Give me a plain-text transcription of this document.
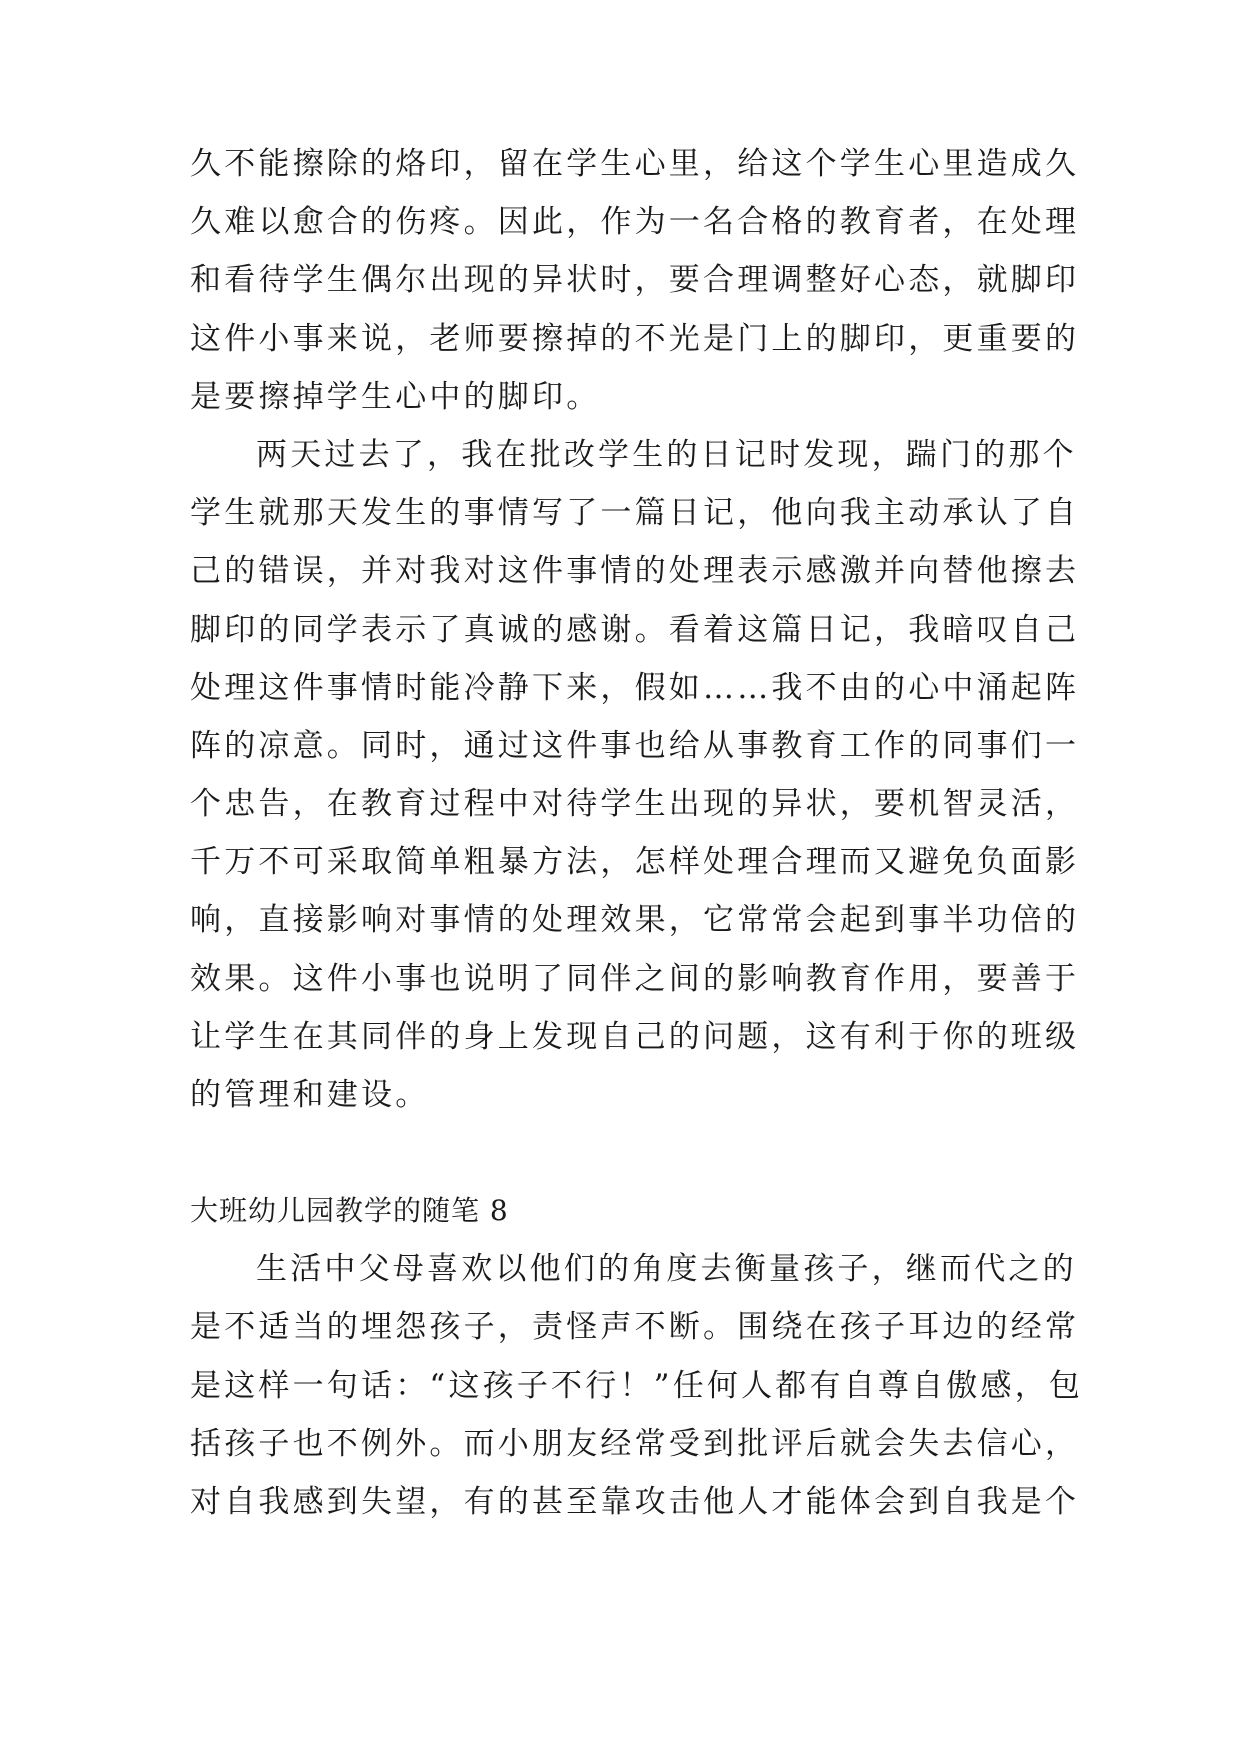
久不能擦除的烙印，留在学生心里，给这个学生心里造成久
久难以愈合的伤疼。因此，作为一名合格的教育者，在处理
和看待学生偶尔出现的异状时，要合理调整好心态，就脚印
这件小事来说，老师要擦掉的不光是门上的脚印，更重要的
是要擦掉学生心中的脚印。
两天过去了，我在批改学生的日记时发现，踹门的那个
学生就那天发生的事情写了一篇日记，他向我主动承认了自
己的错误，并对我对这件事情的处理表示感激并向替他擦去
脚印的同学表示了真诚的感谢。看着这篇日记，我暗叹自己
处理这件事情时能冷静下来，假如……我不由的心中涌起阵
阵的凉意。同时，通过这件事也给从事教育工作的同事们一
个忠告，在教育过程中对待学生出现的异状，要机智灵活，
千万不可采取简单粗暴方法，怎样处理合理而又避免负面影
响，直接影响对事情的处理效果，它常常会起到事半功倍的
效果。这件小事也说明了同伴之间的影响教育作用，要善于
让学生在其同伴的身上发现自己的问题，这有利于你的班级
的管理和建设。
大班幼儿园教学的随笔 8
生活中父母喜欢以他们的角度去衡量孩子，继而代之的
是不适当的埋怨孩子，责怪声不断。围绕在孩子耳边的经常
是这样一句话：“这孩子不行！”任何人都有自尊自傲感，包
括孩子也不例外。而小朋友经常受到批评后就会失去信心，
对自我感到失望，有的甚至靠攻击他人才能体会到自我是个
